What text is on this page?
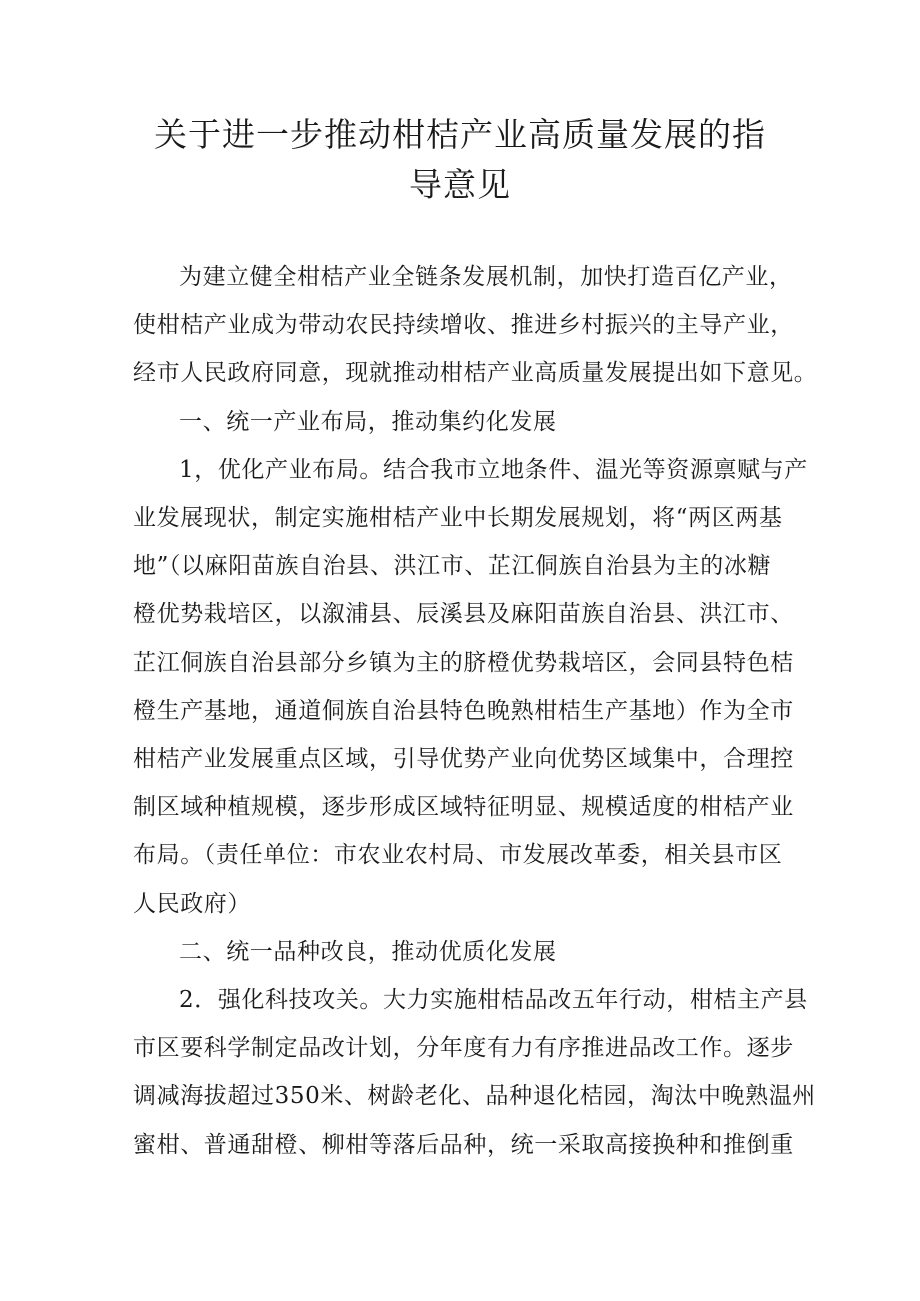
关于进一步推动柑桔产业高质量发展的指
导意见

为建立健全柑桔产业全链条发展机制，加快打造百亿产业，
使柑桔产业成为带动农民持续增收、推进乡村振兴的主导产业，
经市人民政府同意，现就推动柑桔产业高质量发展提出如下意见。

一、统一产业布局，推动集约化发展

1，优化产业布局。结合我市立地条件、温光等资源禀赋与产
业发展现状，制定实施柑桔产业中长期发展规划，将“两区两基
地”（以麻阳苗族自治县、洪江市、芷江侗族自治县为主的冰糖
橙优势栽培区，以溆浦县、辰溪县及麻阳苗族自治县、洪江市、
芷江侗族自治县部分乡镇为主的脐橙优势栽培区，会同县特色桔
橙生产基地，通道侗族自治县特色晚熟柑桔生产基地）作为全市
柑桔产业发展重点区域，引导优势产业向优势区域集中，合理控
制区域种植规模，逐步形成区域特征明显、规模适度的柑桔产业
布局。（责任单位：市农业农村局、市发展改革委，相关县市区
人民政府）

二、统一品种改良，推动优质化发展

2．强化科技攻关。大力实施柑桔品改五年行动，柑桔主产县
市区要科学制定品改计划，分年度有力有序推进品改工作。逐步
调减海拔超过350米、树龄老化、品种退化桔园，淘汰中晚熟温州
蜜柑、普通甜橙、柳柑等落后品种，统一采取高接换种和推倒重
